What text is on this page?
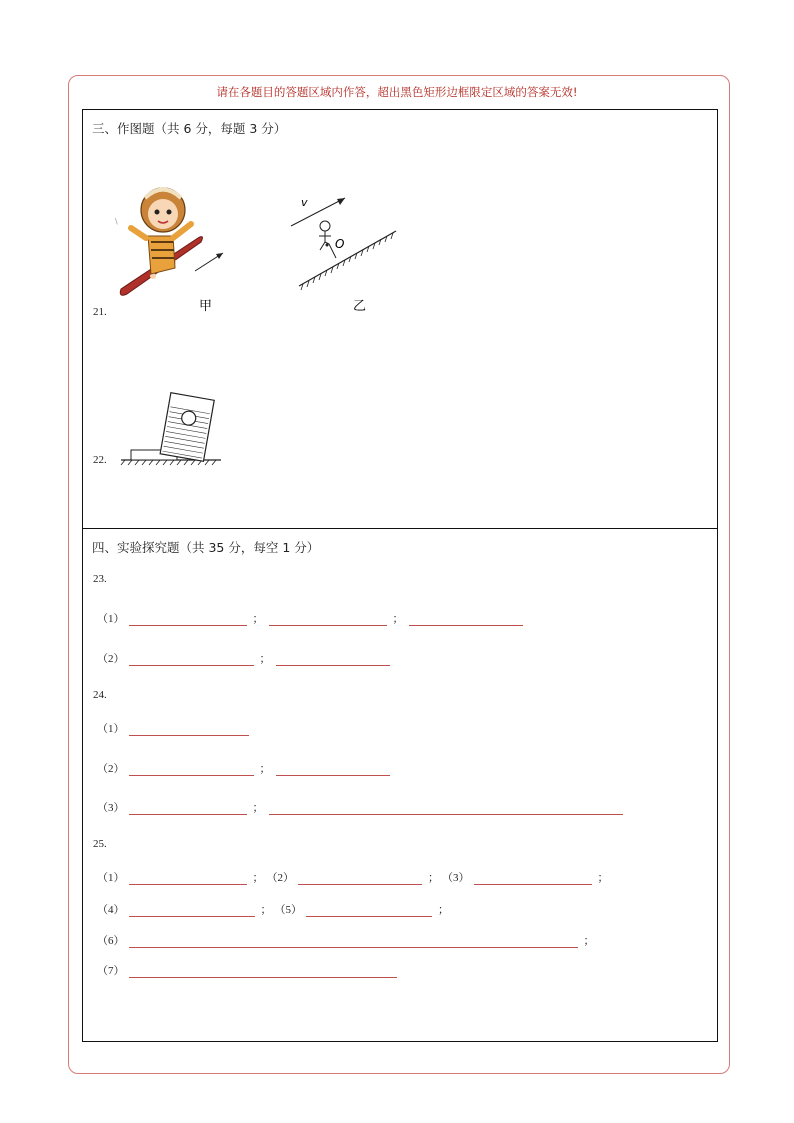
请在各题目的答题区域内作答，超出黑色矩形边框限定区域的答案无效!
三、作图题（共 6 分，每题 3 分）
\
v
O
甲	乙
21.
22.
四、实验探究题（共 35 分，每空 1 分）
23.
（1）	；	；
（2）	；
24.
（1）
（2）	；
（3）	；
25.
（1）	； （2）	； （3）	；
（4）	； （5）	；
（6）	；
（7）
